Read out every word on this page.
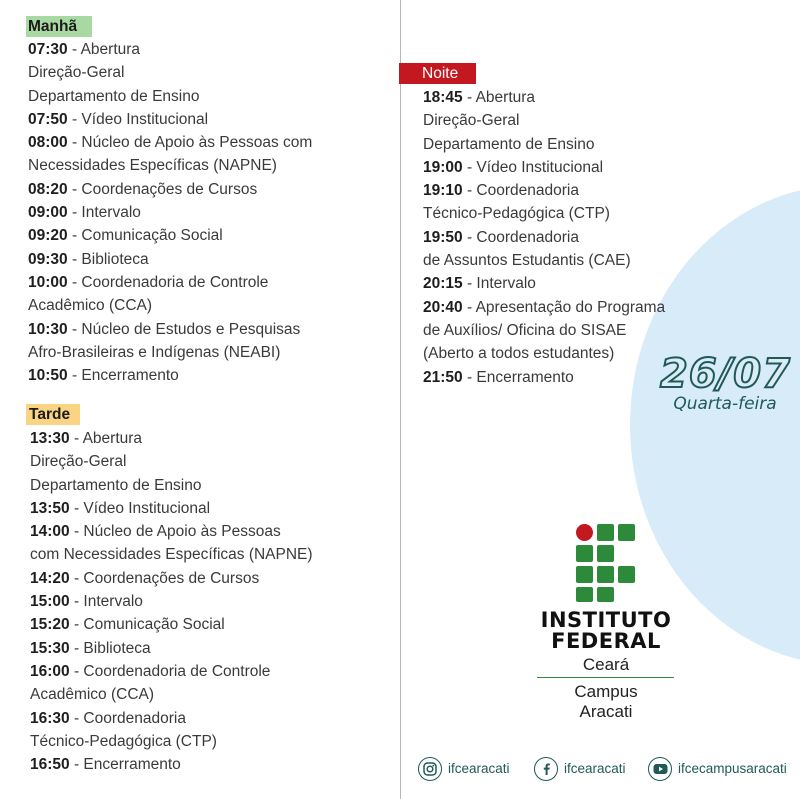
Manhã
07:30 - Abertura
Direção-Geral
Departamento de Ensino
07:50 - Vídeo Institucional
08:00 - Núcleo de Apoio às Pessoas com
Necessidades Específicas (NAPNE)
08:20 - Coordenações de Cursos
09:00 - Intervalo
09:20 - Comunicação Social
09:30 - Biblioteca
10:00 - Coordenadoria de Controle
Acadêmico (CCA)
10:30 - Núcleo de Estudos e Pesquisas
Afro-Brasileiras e Indígenas (NEABI)
10:50 - Encerramento
Tarde
13:30 - Abertura
Direção-Geral
Departamento de Ensino
13:50 - Vídeo Institucional
14:00 - Núcleo de Apoio às Pessoas
com Necessidades Específicas (NAPNE)
14:20 - Coordenações de Cursos
15:00 - Intervalo
15:20 - Comunicação Social
15:30 - Biblioteca
16:00 - Coordenadoria de Controle
Acadêmico (CCA)
16:30 - Coordenadoria
Técnico-Pedagógica (CTP)
16:50 - Encerramento
Noite
18:45 - Abertura
Direção-Geral
Departamento de Ensino
19:00 - Vídeo Institucional
19:10 - Coordenadoria
Técnico-Pedagógica (CTP)
19:50 - Coordenadoria
de Assuntos Estudantis (CAE)
20:15 - Intervalo
20:40 - Apresentação do Programa
de Auxílios/ Oficina do SISAE
(Aberto a todos estudantes)
21:50 - Encerramento	26/07
Quarta-feira
INSTITUTO
FEDERAL
Ceará
Campus
Aracati
ifcearacati	ifcearacati	ifcecampusaracati
